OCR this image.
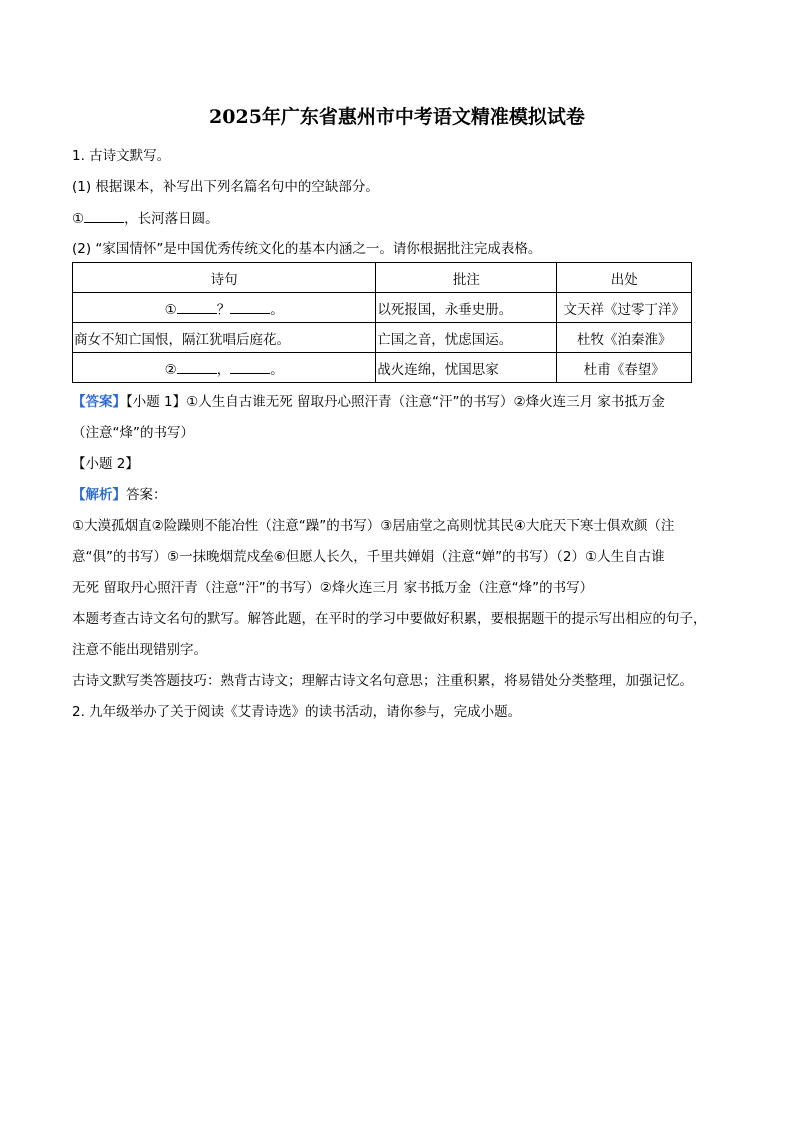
2025年广东省惠州市中考语文精准模拟试卷
1. 古诗文默写。
(1) 根据课本，补写出下列名篇名句中的空缺部分。
①	，长河落日圆。
(2) “家国情怀”是中国优秀传统文化的基本内涵之一。请你根据批注完成表格。
诗句	批注	出处
① ？ 。	以死报国，永垂史册。	文天祥《过零丁洋》
商女不知亡国恨，隔江犹唱后庭花。	亡国之音，忧虑国运。	杜牧《泊秦淮》
② ， 。	战火连绵，忧国思家	杜甫《春望》
【答案】【小题 1】①人生自古谁无死 留取丹心照汗青（注意“汗”的书写）②烽火连三月 家书抵万金
（注意“烽”的书写）
【小题 2】
【解析】答案：
①大漠孤烟直②险躁则不能冶性（注意“躁”的书写）③居庙堂之高则忧其民④大庇天下寒士俱欢颜（注
意“俱”的书写）⑤一抹晚烟荒戍垒⑥但愿人长久，千里共婵娟（注意“婵”的书写）（2）①人生自古谁
无死 留取丹心照汗青（注意“汗”的书写）②烽火连三月 家书抵万金（注意“烽”的书写）
本题考查古诗文名句的默写。解答此题，在平时的学习中要做好积累，要根据题干的提示写出相应的句子，
注意不能出现错别字。
古诗文默写类答题技巧：熟背古诗文；理解古诗文名句意思；注重积累，将易错处分类整理，加强记忆。
2. 九年级举办了关于阅读《艾青诗选》的读书活动，请你参与，完成小题。
